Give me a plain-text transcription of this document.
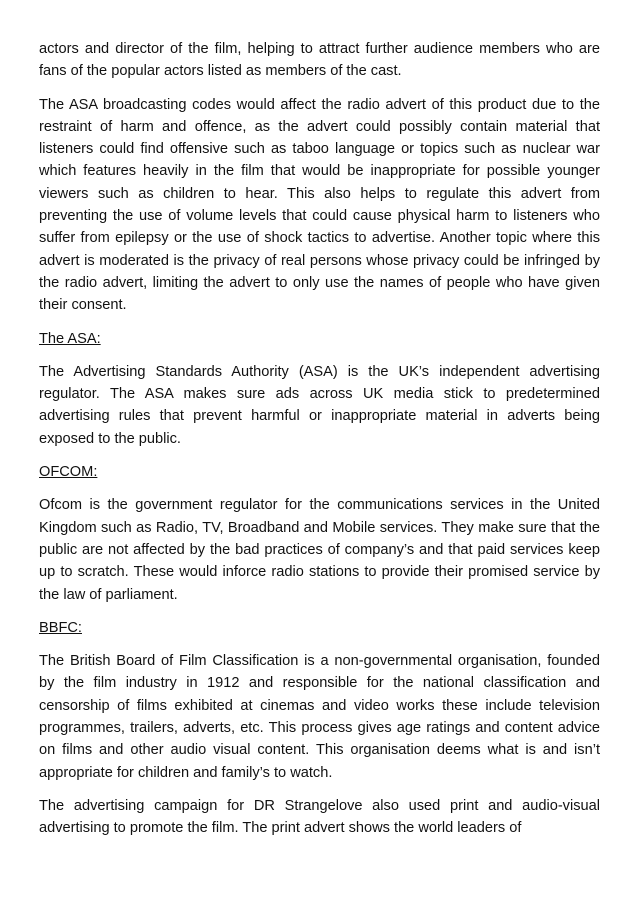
actors and director of the film, helping to attract further audience members who are fans of the popular actors listed as members of the cast.

The ASA broadcasting codes would affect the radio advert of this product due to the restraint of harm and offence, as the advert could possibly contain material that listeners could find offensive such as taboo language or topics such as nuclear war which features heavily in the film that would be inappropriate for possible younger viewers such as children to hear. This also helps to regulate this advert from preventing the use of volume levels that could cause physical harm to listeners who suffer from epilepsy or the use of shock tactics to advertise. Another topic where this advert is moderated is the privacy of real persons whose privacy could be infringed by the radio advert, limiting the advert to only use the names of people who have given their consent.

The ASA:

The Advertising Standards Authority (ASA) is the UK’s independent advertising regulator. The ASA makes sure ads across UK media stick to predetermined advertising rules that prevent harmful or inappropriate material in adverts being exposed to the public.

OFCOM:

Ofcom is the government regulator for the communications services in the United Kingdom such as Radio, TV, Broadband and Mobile services. They make sure that the public are not affected by the bad practices of company’s and that paid services keep up to scratch. These would inforce radio stations to provide their promised service by the law of parliament.

BBFC:

The British Board of Film Classification is a non-governmental organisation, founded by the film industry in 1912 and responsible for the national classification and censorship of films exhibited at cinemas and video works these include television programmes, trailers, adverts, etc. This process gives age ratings and content advice on films and other audio visual content. This organisation deems what is and isn’t appropriate for children and family’s to watch.

The advertising campaign for DR Strangelove also used print and audio-visual advertising to promote the film. The print advert shows the world leaders of
